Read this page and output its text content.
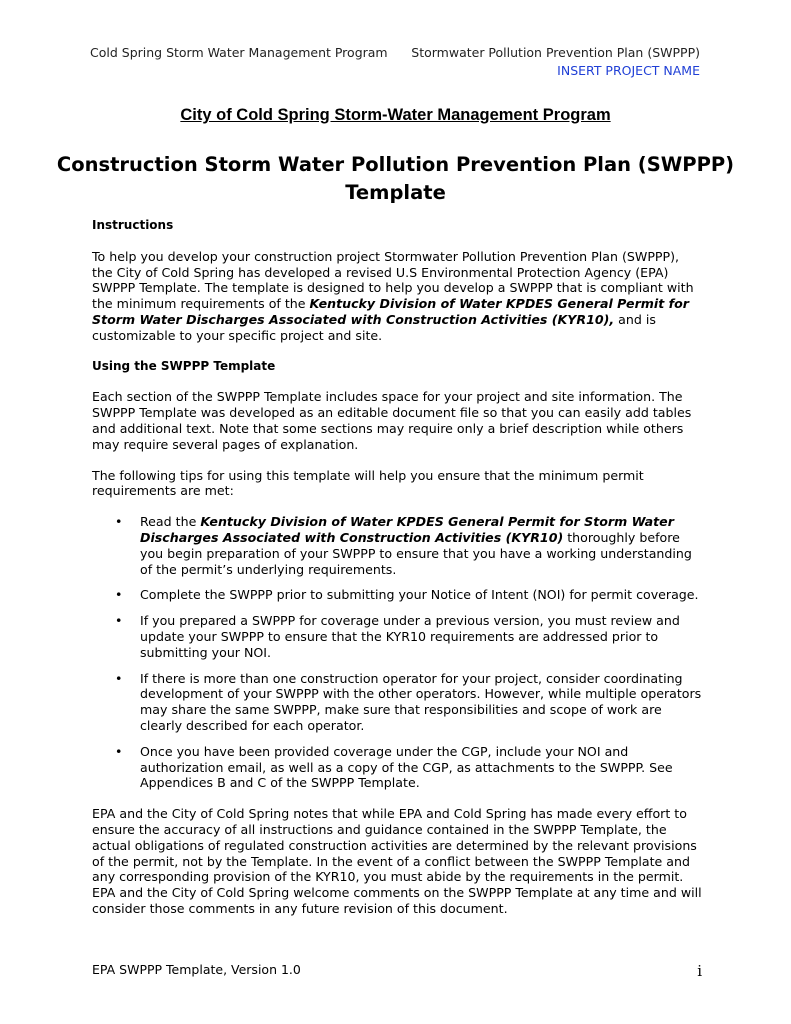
Cold Spring Storm Water Management Program Stormwater Pollution Prevention Plan (SWPPP)
INSERT PROJECT NAME
City of Cold Spring Storm-Water Management Program
Construction Storm Water Pollution Prevention Plan (SWPPP)
Template
Instructions

To help you develop your construction project Stormwater Pollution Prevention Plan (SWPPP), the City of Cold Spring has developed a revised U.S Environmental Protection Agency (EPA) SWPPP Template. The template is designed to help you develop a SWPPP that is compliant with the minimum requirements of the Kentucky Division of Water KPDES General Permit for Storm Water Discharges Associated with Construction Activities (KYR10), and is customizable to your specific project and site.

Using the SWPPP Template

Each section of the SWPPP Template includes space for your project and site information. The SWPPP Template was developed as an editable document file so that you can easily add tables and additional text. Note that some sections may require only a brief description while others may require several pages of explanation.

The following tips for using this template will help you ensure that the minimum permit requirements are met:

• Read the Kentucky Division of Water KPDES General Permit for Storm Water Discharges Associated with Construction Activities (KYR10) thoroughly before you begin preparation of your SWPPP to ensure that you have a working understanding of the permit’s underlying requirements.
• Complete the SWPPP prior to submitting your Notice of Intent (NOI) for permit coverage.
• If you prepared a SWPPP for coverage under a previous version, you must review and update your SWPPP to ensure that the KYR10 requirements are addressed prior to submitting your NOI.
• If there is more than one construction operator for your project, consider coordinating development of your SWPPP with the other operators. However, while multiple operators may share the same SWPPP, make sure that responsibilities and scope of work are clearly described for each operator.
• Once you have been provided coverage under the CGP, include your NOI and authorization email, as well as a copy of the CGP, as attachments to the SWPPP. See Appendices B and C of the SWPPP Template.

EPA and the City of Cold Spring notes that while EPA and Cold Spring has made every effort to ensure the accuracy of all instructions and guidance contained in the SWPPP Template, the actual obligations of regulated construction activities are determined by the relevant provisions of the permit, not by the Template. In the event of a conflict between the SWPPP Template and any corresponding provision of the KYR10, you must abide by the requirements in the permit. EPA and the City of Cold Spring welcome comments on the SWPPP Template at any time and will consider those comments in any future revision of this document.

EPA SWPPP Template, Version 1.0	i
